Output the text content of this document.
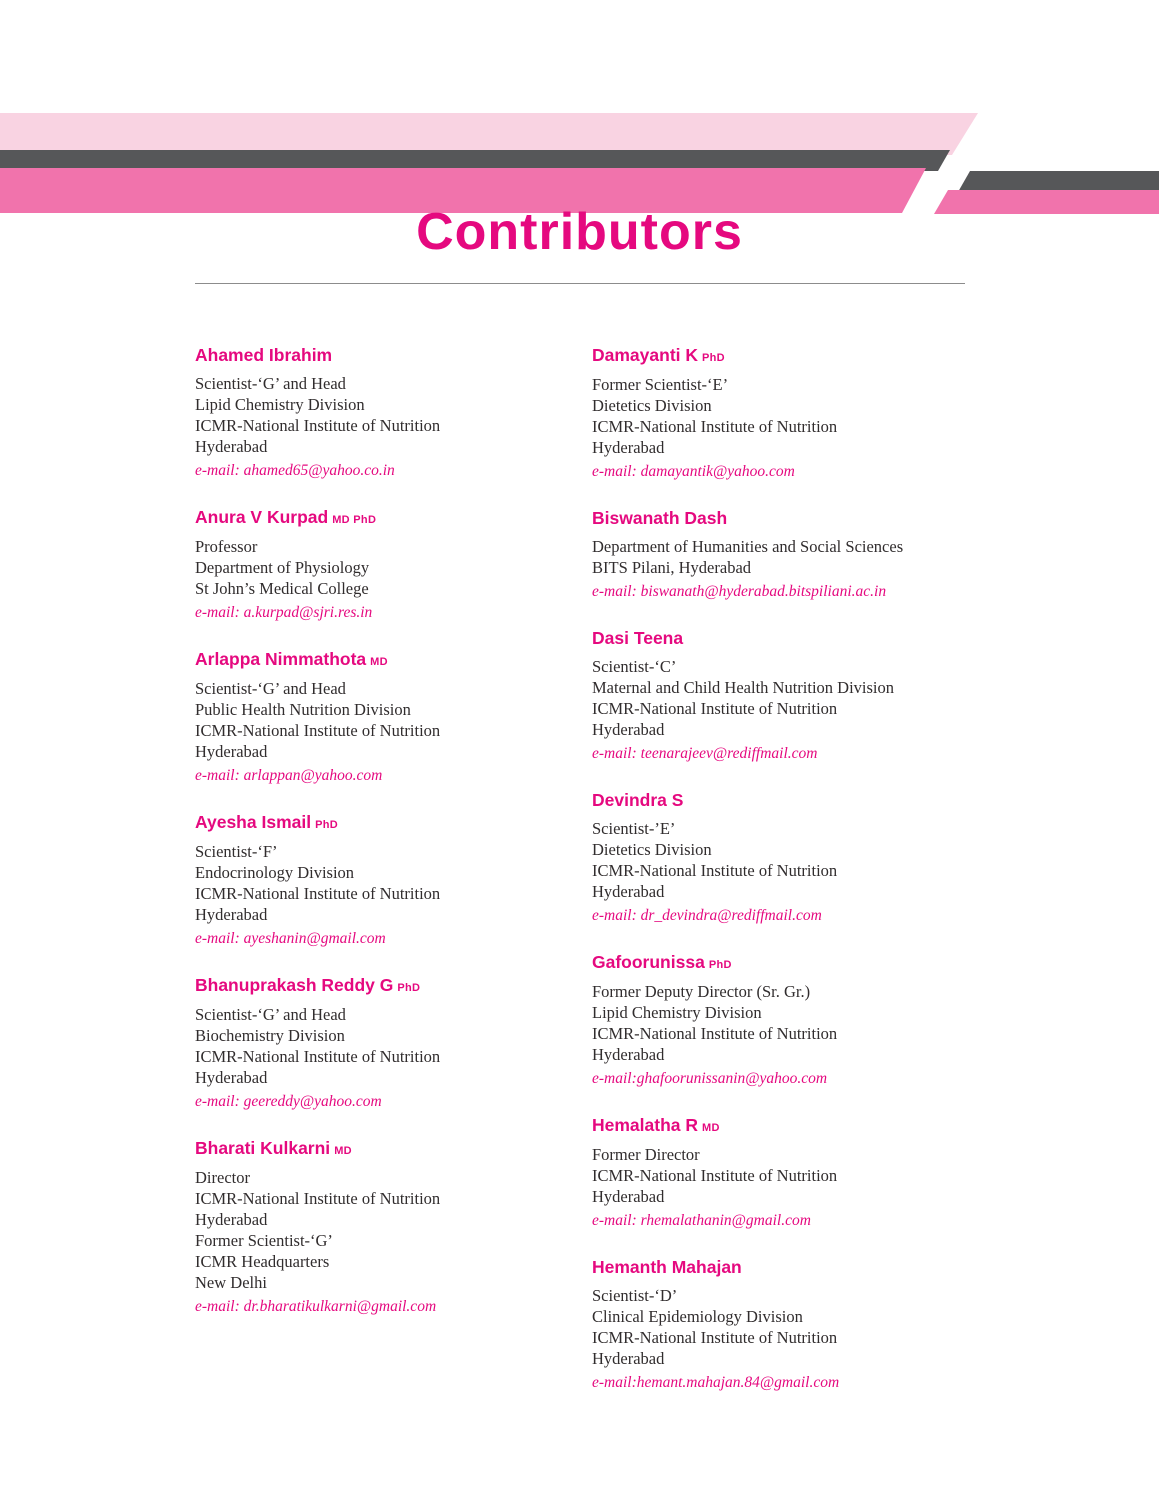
Contributors
Ahamed Ibrahim
Scientist-‘G’ and Head
Lipid Chemistry Division
ICMR-National Institute of Nutrition
Hyderabad
e-mail: ahamed65@yahoo.co.in
Anura V Kurpad MD PhD
Professor
Department of Physiology
St John’s Medical College
e-mail: a.kurpad@sjri.res.in
Arlappa Nimmathota MD
Scientist-‘G’ and Head
Public Health Nutrition Division
ICMR-National Institute of Nutrition
Hyderabad
e-mail: arlappan@yahoo.com
Ayesha Ismail PhD
Scientist-‘F’
Endocrinology Division
ICMR-National Institute of Nutrition
Hyderabad
e-mail: ayeshanin@gmail.com
Bhanuprakash Reddy G PhD
Scientist-‘G’ and Head
Biochemistry Division
ICMR-National Institute of Nutrition
Hyderabad
e-mail: geereddy@yahoo.com
Bharati Kulkarni MD
Director
ICMR-National Institute of Nutrition
Hyderabad
Former Scientist-‘G’
ICMR Headquarters
New Delhi
e-mail: dr.bharatikulkarni@gmail.com
Damayanti K PhD
Former Scientist-‘E’
Dietetics Division
ICMR-National Institute of Nutrition
Hyderabad
e-mail: damayantik@yahoo.com
Biswanath Dash
Department of Humanities and Social Sciences
BITS Pilani, Hyderabad
e-mail: biswanath@hyderabad.bitspiliani.ac.in
Dasi Teena
Scientist-‘C’
Maternal and Child Health Nutrition Division
ICMR-National Institute of Nutrition
Hyderabad
e-mail: teenarajeev@rediffmail.com
Devindra S
Scientist-’E’
Dietetics Division
ICMR-National Institute of Nutrition
Hyderabad
e-mail: dr_devindra@rediffmail.com
Gafoorunissa PhD
Former Deputy Director (Sr. Gr.)
Lipid Chemistry Division
ICMR-National Institute of Nutrition
Hyderabad
e-mail:ghafoorunissanin@yahoo.com
Hemalatha R MD
Former Director
ICMR-National Institute of Nutrition
Hyderabad
e-mail: rhemalathanin@gmail.com
Hemanth Mahajan
Scientist-‘D’
Clinical Epidemiology Division
ICMR-National Institute of Nutrition
Hyderabad
e-mail:hemant.mahajan.84@gmail.com
